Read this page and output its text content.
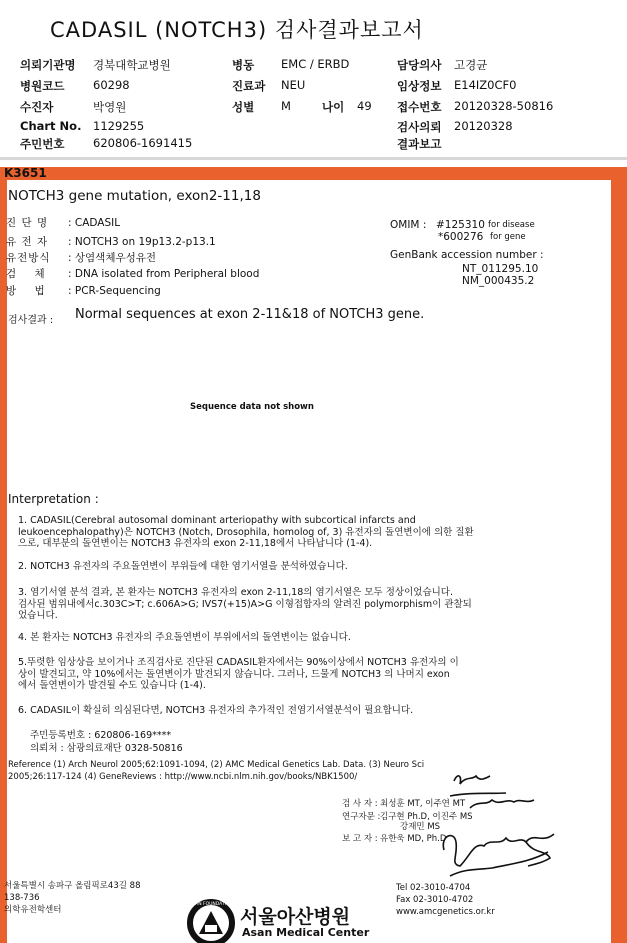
CADASIL (NOTCH3) 검사결과보고서
의뢰기관명 경북대학교병원	병동 EMC / ERBD	담당의사 고경균
병원코드 60298	진료과 NEU	임상정보 E14IZ0CF0
수진자	박영원	성별 M	나이 49 접수번호 20120328-50816
Chart No. 1129255	검사의뢰 20120328
주민번호 620806-1691415	결과보고
K3651
NOTCH3 gene mutation, exon2-11,18
진 단 명 : CADASIL
유 전 자 : NOTCH3 on 19p13.2-p13.1
유전방식 : 상염색체우성유전
검    체 : DNA isolated from Peripheral blood
방    법 : PCR-Sequencing
OMIM : #125310 for disease
*600276 for gene
GenBank accession number :
NT_011295.10
NM_000435.2
검사결과 : Normal sequences at exon 2-11&18 of NOTCH3 gene.
Sequence data not shown
Interpretation :
1. CADASIL(Cerebral autosomal dominant arteriopathy with subcortical infarcts and
leukoencephalopathy)은 NOTCH3 (Notch, Drosophila, homolog of, 3) 유전자의 돌연변이에 의한 질환
으로, 대부분의 돌연변이는 NOTCH3 유전자의 exon 2-11,18에서 나타납니다 (1-4).
2. NOTCH3 유전자의 주요돌연변이 부위들에 대한 염기서열을 분석하였습니다.
3. 염기서열 분석 결과, 본 환자는 NOTCH3 유전자의 exon 2-11,18의 염기서열은 모두 정상이었습니다.
검사된 범위내에서c.303C>T; c.606A>G; IVS7(+15)A>G 이형접합자의 알려진 polymorphism이 관찰되
었습니다.
4. 본 환자는 NOTCH3 유전자의 주요돌연변이 부위에서의 돌연변이는 없습니다.
5.뚜렷한 임상상을 보이거나 조직검사로 진단된 CADASIL환자에서는 90%이상에서 NOTCH3 유전자의 이
상이 발견되고, 약 10%에서는 돌연변이가 발견되지 않습니다. 그러나, 드물게 NOTCH3 의 나머지 exon
에서 돌연변이가 발견될 수도 있습니다 (1-4).
6. CADASIL이 확실히 의심된다면, NOTCH3 유전자의 추가적인 전염기서열분석이 필요합니다.
주민등록번호 : 620806-169****
의뢰처 : 삼광의료재단 0328-50816
Reference (1) Arch Neurol 2005;62:1091-1094, (2) AMC Medical Genetics Lab. Data. (3) Neuro Sci
2005;26:117-124 (4) GeneReviews : http://www.ncbi.nlm.nih.gov/books/NBK1500/
검 사 자 : 최성훈 MT, 이주연 MT
연구자문 : 김구현 Ph.D, 이진주 MS
강재민 MS
보 고 자 : 유한욱 MD, Ph.D
서울특별시 송파구 올림픽로43길 88
138-736
의학유전학센터
ASAN FOUNDATION
서울아산병원
Asan Medical Center
Tel 02-3010-4704
Fax 02-3010-4702
www.amcgenetics.or.kr
